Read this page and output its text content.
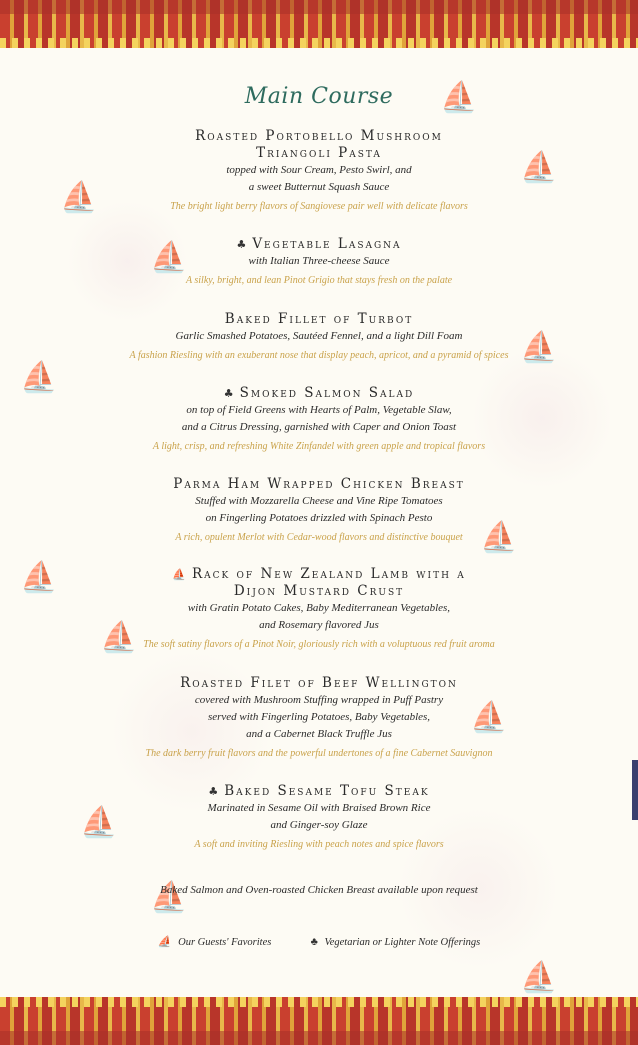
⛵
⛵
⛵
⛵
⛵
⛵
⛵
⛵
⛵
⛵
⛵
⛵
⛵
Main Course
Roasted Portobello Mushroom
Triangoli Pasta
topped with Sour Cream, Pesto Swirl, and
a sweet Butternut Squash Sauce
The bright light berry flavors of Sangiovese pair well with delicate flavors
♣ Vegetable Lasagna
with Italian Three-cheese Sauce
A silky, bright, and lean Pinot Grigio that stays fresh on the palate
Baked Fillet of Turbot
Garlic Smashed Potatoes, Sautéed Fennel, and a light Dill Foam
A fashion Riesling with an exuberant nose that display peach, apricot, and a pyramid of spices
♣ Smoked Salmon Salad
on top of Field Greens with Hearts of Palm, Vegetable Slaw,
and a Citrus Dressing, garnished with Caper and Onion Toast
A light, crisp, and refreshing White Zinfandel with green apple and tropical flavors
Parma Ham Wrapped Chicken Breast
Stuffed with Mozzarella Cheese and Vine Ripe Tomatoes
on Fingerling Potatoes drizzled with Spinach Pesto
A rich, opulent Merlot with Cedar-wood flavors and distinctive bouquet
⛵ Rack of New Zealand Lamb with a
Dijon Mustard Crust
with Gratin Potato Cakes, Baby Mediterranean Vegetables,
and Rosemary flavored Jus
The soft satiny flavors of a Pinot Noir, gloriously rich with a voluptuous red fruit aroma
Roasted Filet of Beef Wellington
covered with Mushroom Stuffing wrapped in Puff Pastry
served with Fingerling Potatoes, Baby Vegetables,
and a Cabernet Black Truffle Jus
The dark berry fruit flavors and the powerful undertones of a fine Cabernet Sauvignon
♣ Baked Sesame Tofu Steak
Marinated in Sesame Oil with Braised Brown Rice
and Ginger-soy Glaze
A soft and inviting Riesling with peach notes and spice flavors
Baked Salmon and Oven-roasted Chicken Breast available upon request
⛵ Our Guests' Favorites	♣ Vegetarian or Lighter Note Offerings
